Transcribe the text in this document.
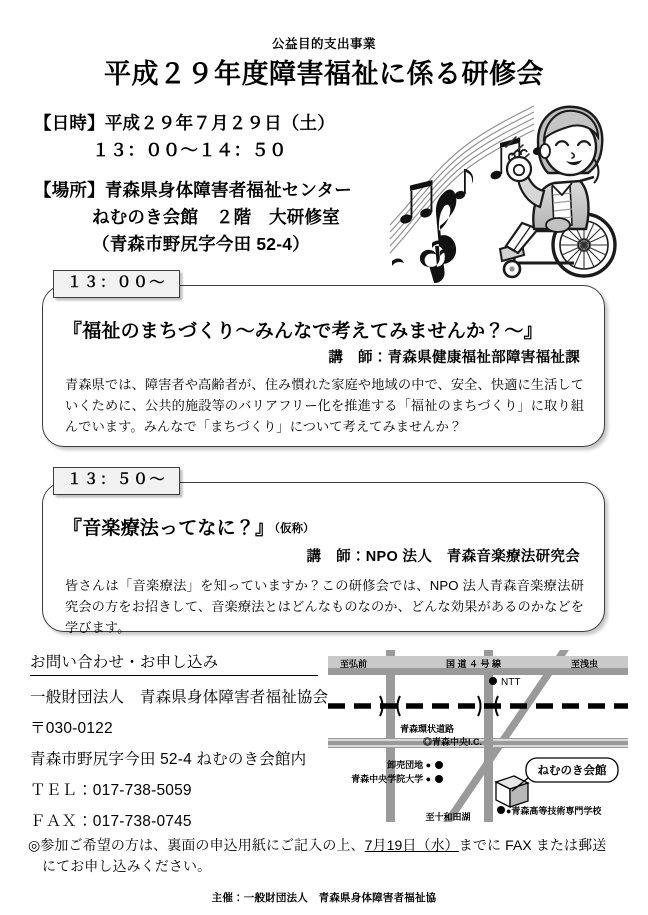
公益目的支出事業
平成２９年度障害福祉に係る研修会
【日時】 平成２９年７月２９日（土）
１３：００～１４：５０
【場所】 青森県身体障害者福祉センター
ねむのき会館　２階　大研修室
（青森市野尻字今田 52-4）
１３：００～
『福祉のまちづくり～みんなで考えてみませんか？～』
講　師：青森県健康福祉部障害福祉課
青森県では、障害者や高齢者が、住み慣れた家庭や地域の中で、安全、快適に生活していくために、公共的施設等のバリアフリー化を推進する「福祉のまちづくり」に取り組んでいます。みんなで「まちづくり」について考えてみませんか？
１３：５０～
『音楽療法ってなに？』（仮称）
講　師：NPO 法人　青森音楽療法研究会
皆さんは「音楽療法」を知っていますか？この研修会では、NPO 法人青森音楽療法研究会の方をお招きして、音楽療法とはどんなものなのか、どんな効果があるのかなどを学びます。
お問い合わせ・お申し込み
一般財団法人　青森県身体障害者福祉協会
〒030-0122
青森市野尻字今田 52-4 ねむのき会館内
ＴＥＬ：017-738-5059
ＦＡＸ：017-738-0745
至弘前	国 道 ４ 号 線	至浅虫
NTT
青森環状道路
◎青森中央I.C.
卸売団地 ●
青森中央学院大学 ●
ねむのき会館
●青森高等技術専門学校
至十和田湖
◎参加ご希望の方は、裏面の申込用紙にご記入の上、7月19日（水）までに FAX または郵送
にてお申し込みください。
主催：一般財団法人　青森県身体障害者福祉協
